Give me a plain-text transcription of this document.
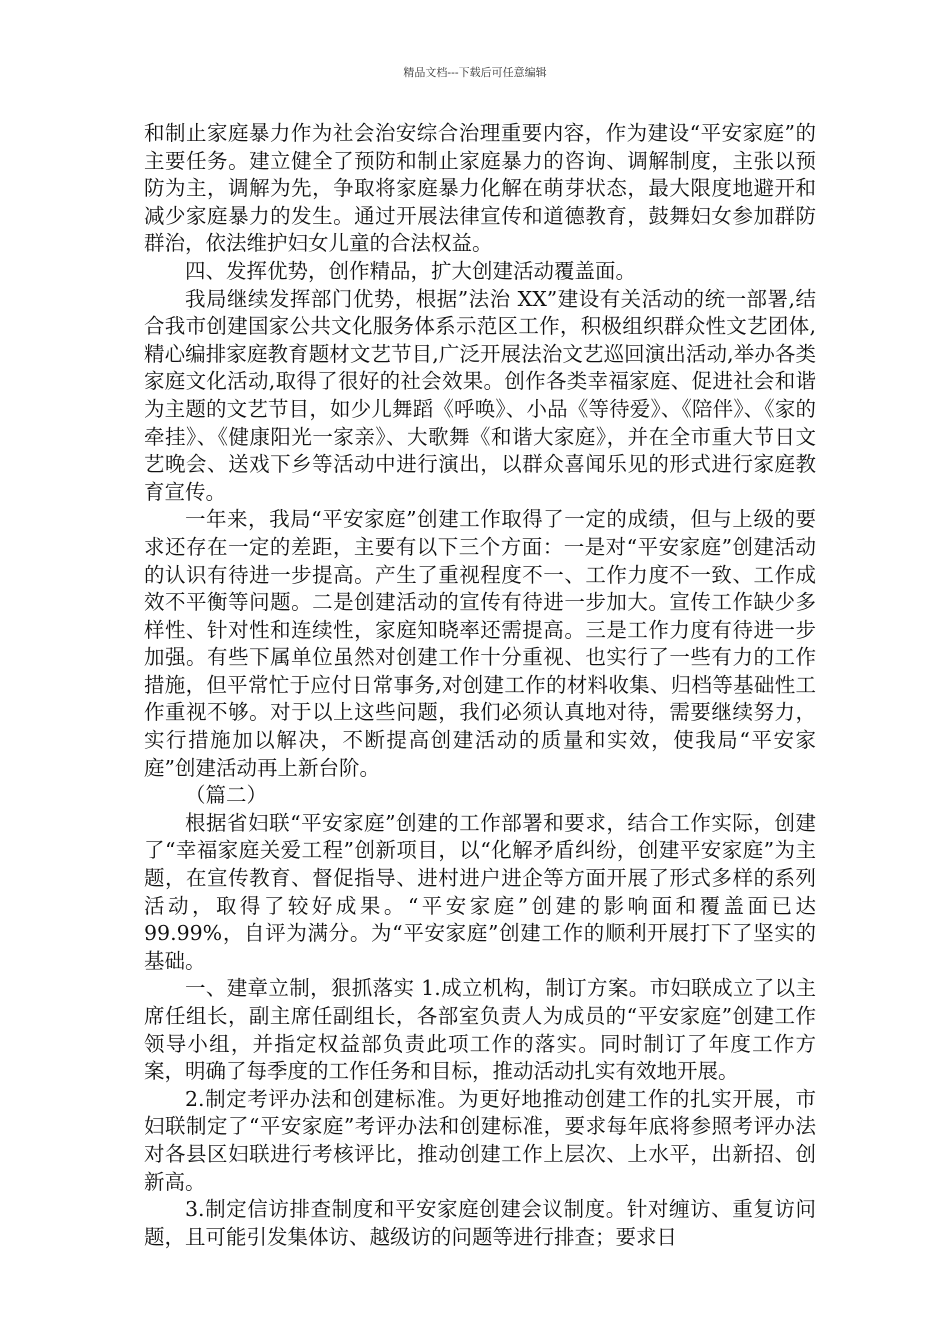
精品文档---下载后可任意编辑

和制止家庭暴力作为社会治安综合治理重要内容，作为建设“平安家庭”的主要任务。建立健全了预防和制止家庭暴力的咨询、调解制度，主张以预防为主，调解为先，争取将家庭暴力化解在萌芽状态，最大限度地避开和减少家庭暴力的发生。通过开展法律宣传和道德教育，鼓舞妇女参加群防群治，依法维护妇女儿童的合法权益。

四、发挥优势，创作精品，扩大创建活动覆盖面。

我局继续发挥部门优势，根据”法治 XX”建设有关活动的统一部署,结合我市创建国家公共文化服务体系示范区工作，积极组织群众性文艺团体,精心编排家庭教育题材文艺节目,广泛开展法治文艺巡回演出活动,举办各类家庭文化活动,取得了很好的社会效果。创作各类幸福家庭、促进社会和谐为主题的文艺节目，如少儿舞蹈《呼唤》、小品《等待爱》、《陪伴》、《家的牵挂》、《健康阳光一家亲》、大歌舞《和谐大家庭》，并在全市重大节日文艺晚会、送戏下乡等活动中进行演出，以群众喜闻乐见的形式进行家庭教育宣传。

一年来，我局“平安家庭”创建工作取得了一定的成绩，但与上级的要求还存在一定的差距，主要有以下三个方面：一是对“平安家庭”创建活动的认识有待进一步提高。产生了重视程度不一、工作力度不一致、工作成效不平衡等问题。二是创建活动的宣传有待进一步加大。宣传工作缺少多样性、针对性和连续性，家庭知晓率还需提高。三是工作力度有待进一步加强。有些下属单位虽然对创建工作十分重视、也实行了一些有力的工作措施，但平常忙于应付日常事务,对创建工作的材料收集、归档等基础性工作重视不够。对于以上这些问题，我们必须认真地对待，需要继续努力，实行措施加以解决，不断提高创建活动的质量和实效，使我局“平安家庭”创建活动再上新台阶。

（篇二）

根据省妇联“平安家庭”创建的工作部署和要求，结合工作实际，创建了“幸福家庭关爱工程”创新项目，以“化解矛盾纠纷，创建平安家庭”为主题，在宣传教育、督促指导、进村进户进企等方面开展了形式多样的系列活动，取得了较好成果。“平安家庭”创建的影响面和覆盖面已达 99.99%，自评为满分。为“平安家庭”创建工作的顺利开展打下了坚实的基础。

一、建章立制，狠抓落实 1.成立机构，制订方案。市妇联成立了以主席任组长，副主席任副组长，各部室负责人为成员的“平安家庭”创建工作领导小组，并指定权益部负责此项工作的落实。同时制订了年度工作方案，明确了每季度的工作任务和目标，推动活动扎实有效地开展。

2.制定考评办法和创建标准。为更好地推动创建工作的扎实开展，市妇联制定了“平安家庭”考评办法和创建标准，要求每年底将参照考评办法对各县区妇联进行考核评比，推动创建工作上层次、上水平，出新招、创新高。

3.制定信访排查制度和平安家庭创建会议制度。针对缠访、重复访问题，且可能引发集体访、越级访的问题等进行排查；要求日
